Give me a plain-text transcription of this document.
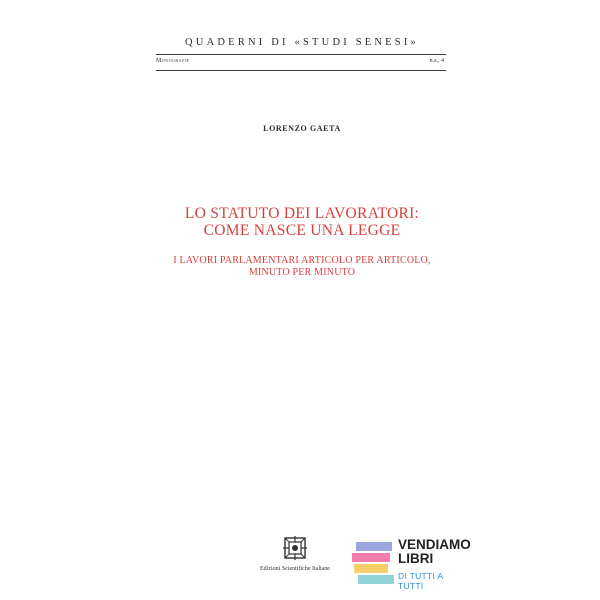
QUADERNI DI «STUDI SENESI»
Monografie	n.s., 4
LORENZO GAETA
LO STATUTO DEI LAVORATORI:
COME NASCE UNA LEGGE
I LAVORI PARLAMENTARI ARTICOLO PER ARTICOLO,
MINUTO PER MINUTO
Edizioni Scientifiche Italiane
VENDIAMO
LIBRI
DI TUTTI A TUTTI
